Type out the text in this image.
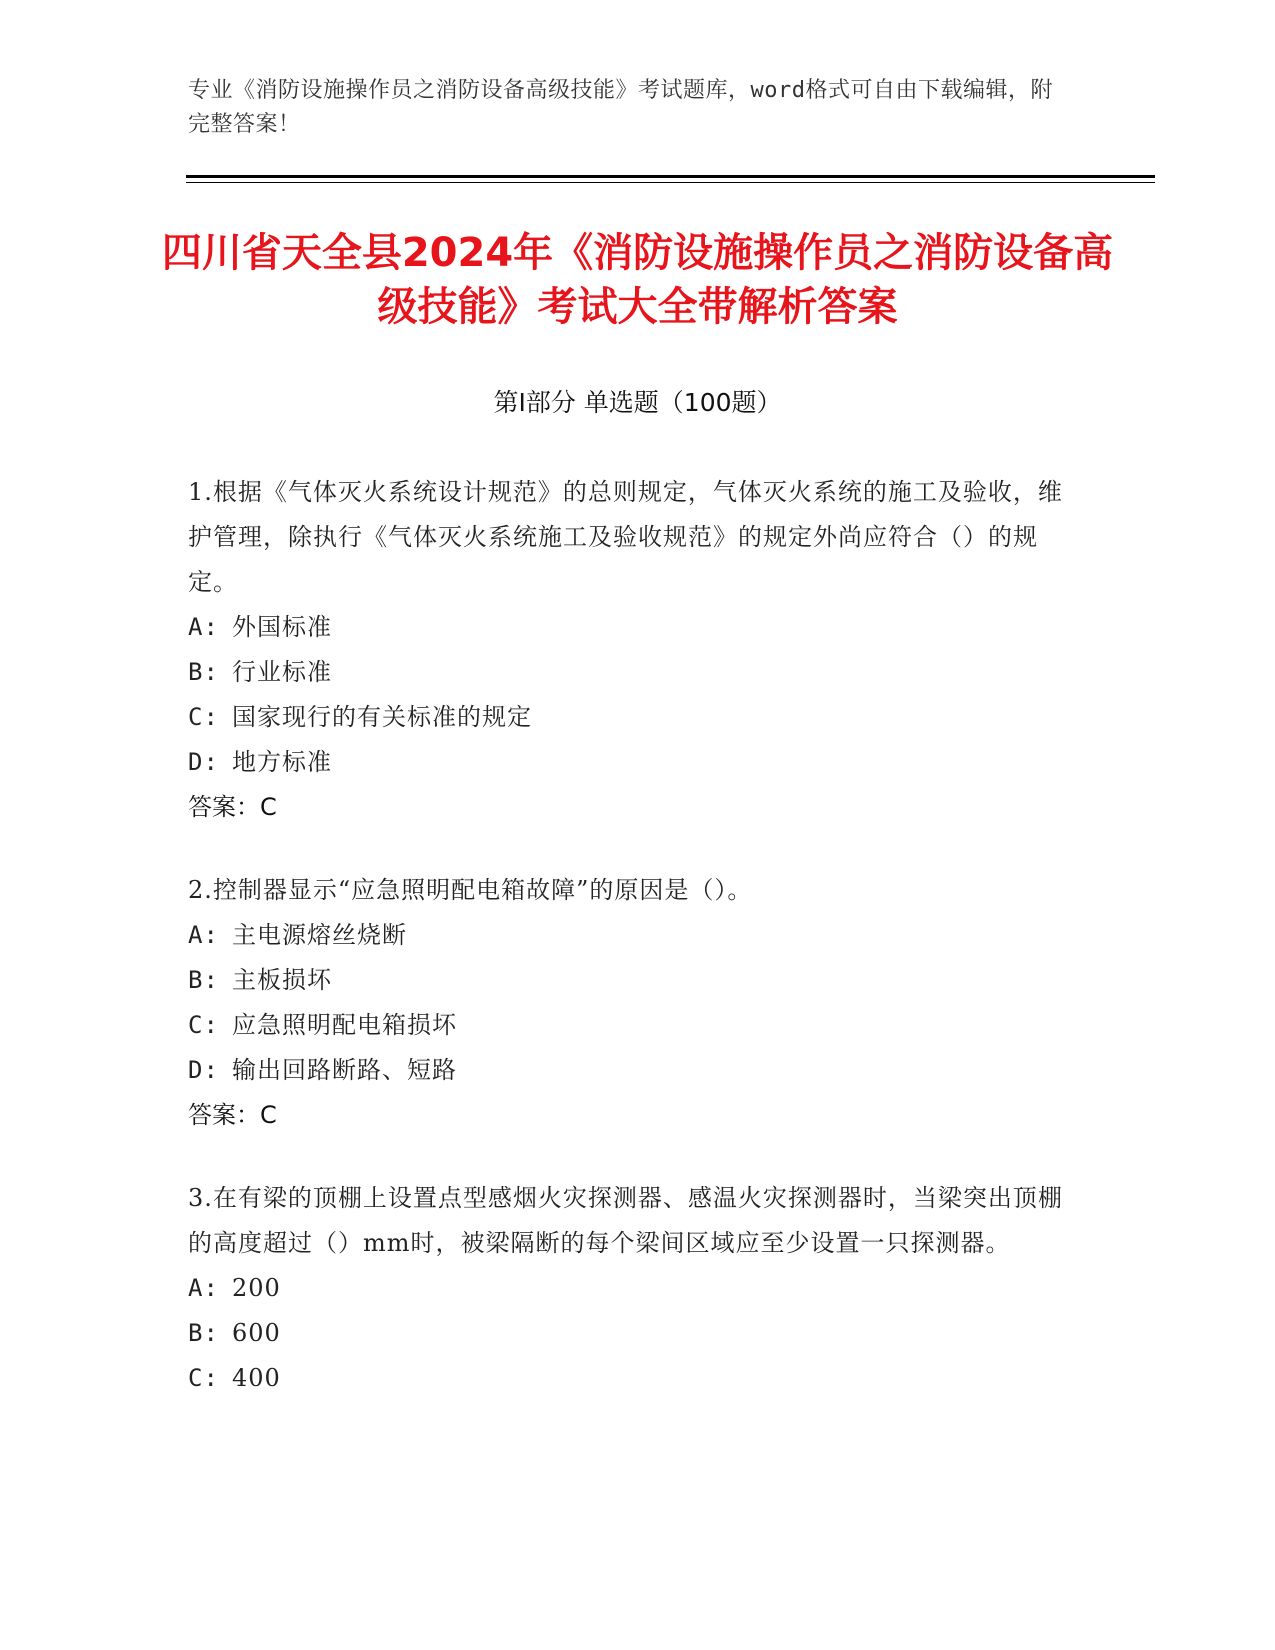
专业《消防设施操作员之消防设备高级技能》考试题库，word格式可自由下载编辑，附完整答案！
四川省天全县2024年《消防设施操作员之消防设备高级技能》考试大全带解析答案
第I部分 单选题（100题）

1.根据《气体灭火系统设计规范》的总则规定，气体灭火系统的施工及验收，维护管理，除执行《气体灭火系统施工及验收规范》的规定外尚应符合（）的规定。

A: 外国标准
B: 行业标准
C: 国家现行的有关标准的规定
D: 地方标准
答案：C

2.控制器显示“应急照明配电箱故障”的原因是（）。

A: 主电源熔丝烧断
B: 主板损坏
C: 应急照明配电箱损坏
D: 输出回路断路、短路
答案：C

3.在有梁的顶棚上设置点型感烟火灾探测器、感温火灾探测器时，当梁突出顶棚的高度超过（）mm时，被梁隔断的每个梁间区域应至少设置一只探测器。

A: 200
B: 600
C: 400
